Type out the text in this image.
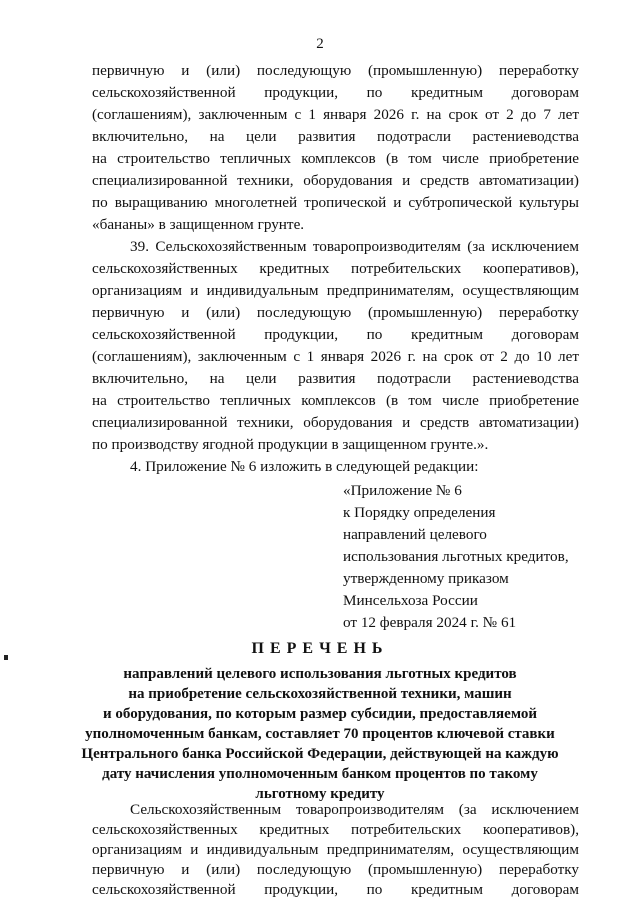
2
первичную и (или) последующую (промышленную) переработку
сельскохозяйственной продукции, по кредитным договорам
(соглашениям), заключенным с 1 января 2026 г. на срок от 2 до 7 лет
включительно, на цели развития подотрасли растениеводства
на строительство тепличных комплексов (в том числе приобретение
специализированной техники, оборудования и средств автоматизации)
по выращиванию многолетней тропической и субтропической культуры
«бананы» в защищенном грунте.
39. Сельскохозяйственным товаропроизводителям (за исключением
сельскохозяйственных кредитных потребительских кооперативов),
организациям и индивидуальным предпринимателям, осуществляющим
первичную и (или) последующую (промышленную) переработку
сельскохозяйственной продукции, по кредитным договорам
(соглашениям), заключенным с 1 января 2026 г. на срок от 2 до 10 лет
включительно, на цели развития подотрасли растениеводства
на строительство тепличных комплексов (в том числе приобретение
специализированной техники, оборудования и средств автоматизации)
по производству ягодной продукции в защищенном грунте.».
4. Приложение № 6 изложить в следующей редакции:
«Приложение № 6
к Порядку определения
направлений целевого
использования льготных кредитов,
утвержденному приказом
Минсельхоза России
от 12 февраля 2024 г. № 61
ПЕРЕЧЕНЬ
направлений целевого использования льготных кредитов
на приобретение сельскохозяйственной техники, машин
и оборудования, по которым размер субсидии, предоставляемой
уполномоченным банкам, составляет 70 процентов ключевой ставки
Центрального банка Российской Федерации, действующей на каждую
дату начисления уполномоченным банком процентов по такому
льготному кредиту
Сельскохозяйственным товаропроизводителям (за исключением
сельскохозяйственных кредитных потребительских кооперативов),
организациям и индивидуальным предпринимателям, осуществляющим
первичную и (или) последующую (промышленную) переработку
сельскохозяйственной продукции, по кредитным договорам
